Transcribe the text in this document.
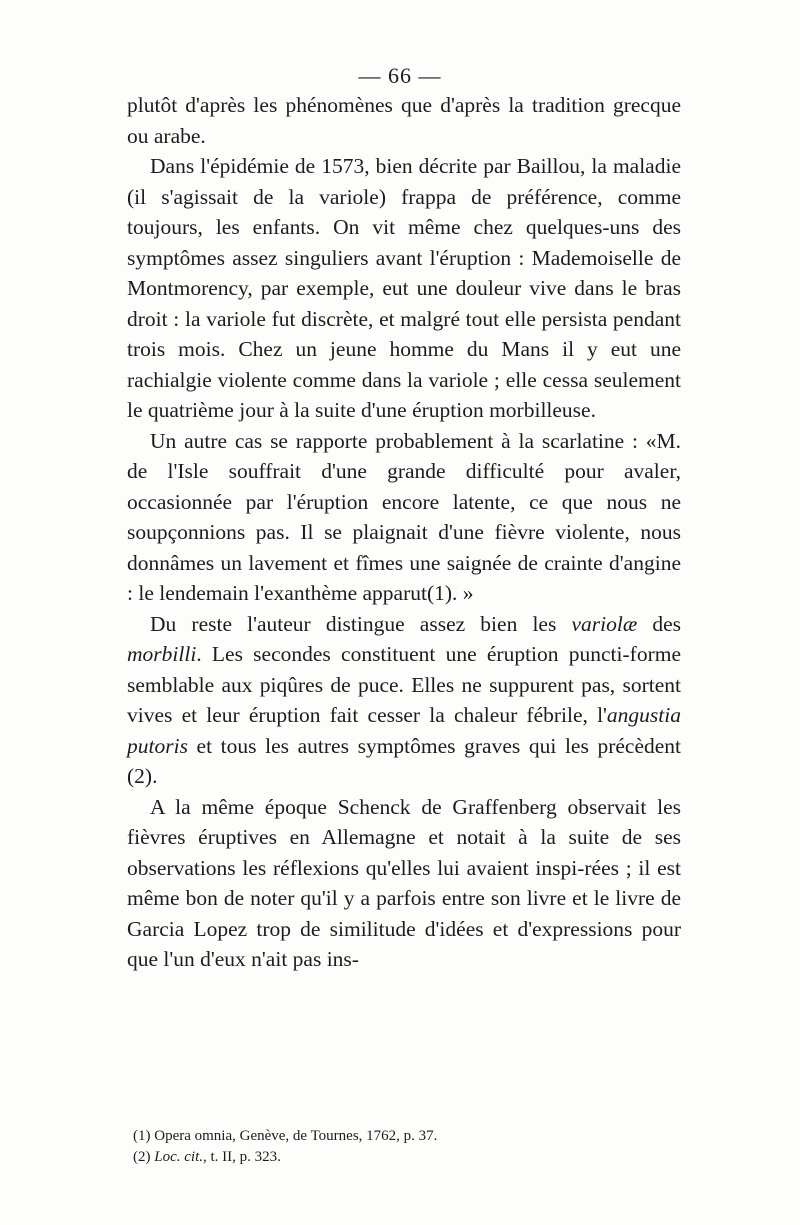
— 66 —

plutôt d'après les phénomènes que d'après la tradition grecque ou arabe.

Dans l'épidémie de 1573, bien décrite par Baillou, la maladie (il s'agissait de la variole) frappa de préférence, comme toujours, les enfants. On vit même chez quelques-uns des symptômes assez singuliers avant l'éruption : Mademoiselle de Montmorency, par exemple, eut une douleur vive dans le bras droit : la variole fut discrète, et malgré tout elle persista pendant trois mois. Chez un jeune homme du Mans il y eut une rachialgie violente comme dans la variole ; elle cessa seulement le quatrième jour à la suite d'une éruption morbilleuse.

Un autre cas se rapporte probablement à la scarlatine : «M. de l'Isle souffrait d'une grande difficulté pour avaler, occasionnée par l'éruption encore latente, ce que nous ne soupçonnions pas. Il se plaignait d'une fièvre violente, nous donnâmes un lavement et fîmes une saignée de crainte d'angine : le lendemain l'exanthème apparut(1). »

Du reste l'auteur distingue assez bien les variolæ des morbilli. Les secondes constituent une éruption puncti-forme semblable aux piqûres de puce. Elles ne suppurent pas, sortent vives et leur éruption fait cesser la chaleur fébrile, l'angustia putoris et tous les autres symptômes graves qui les précèdent (2).

A la même époque Schenck de Graffenberg observait les fièvres éruptives en Allemagne et notait à la suite de ses observations les réflexions qu'elles lui avaient inspi-rées ; il est même bon de noter qu'il y a parfois entre son livre et le livre de Garcia Lopez trop de similitude d'idées et d'expressions pour que l'un d'eux n'ait pas ins-

(1) Opera omnia, Genève, de Tournes, 1762, p. 37.

(2) Loc. cit., t. II, p. 323.
